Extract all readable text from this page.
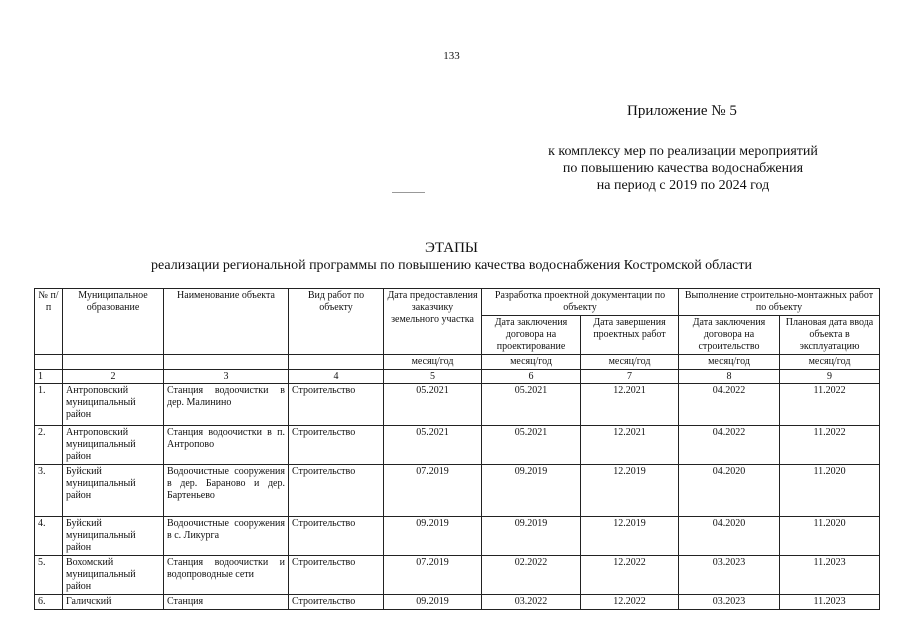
133
Приложение № 5
к комплексу мер по реализации мероприятий
по повышению качества водоснабжения
на период с 2019 по 2024 год
ЭТАПЫ
реализации региональной программы по повышению качества водоснабжения Костромской области
№ п/п	Муниципальное образование	Наименование объекта	Вид работ по объекту	Дата предоставления заказчику земельного участка	Разработка проектной документации по объекту		Выполнение строительно-монтажных работ по объекту	
					Дата заключения договора на проектирование	Дата завершения проектных работ	Дата заключения договора на строительство	Плановая дата ввода объекта в эксплуатацию
				месяц/год	месяц/год	месяц/год	месяц/год	месяц/год
1	2	3	4	5	6	7	8	9
1.	Антроповский муниципальный район	Станция водоочистки в дер. Малинино	Строительство	05.2021	05.2021	12.2021	04.2022	11.2022
2.	Антроповский муниципальный район	Станция водоочистки в п. Антропово	Строительство	05.2021	05.2021	12.2021	04.2022	11.2022
3.	Буйский муниципальный район	Водоочистные сооружения в дер. Бараново и дер. Бартеньево	Строительство	07.2019	09.2019	12.2019	04.2020	11.2020
4.	Буйский муниципальный район	Водоочистные сооружения в с. Ликурга	Строительство	09.2019	09.2019	12.2019	04.2020	11.2020
5.	Вохомский муниципальный район	Станция водоочистки и водопроводные сети	Строительство	07.2019	02.2022	12.2022	03.2023	11.2023
6.	Галичский	Станция	Строительство	09.2019	03.2022	12.2022	03.2023	11.2023
